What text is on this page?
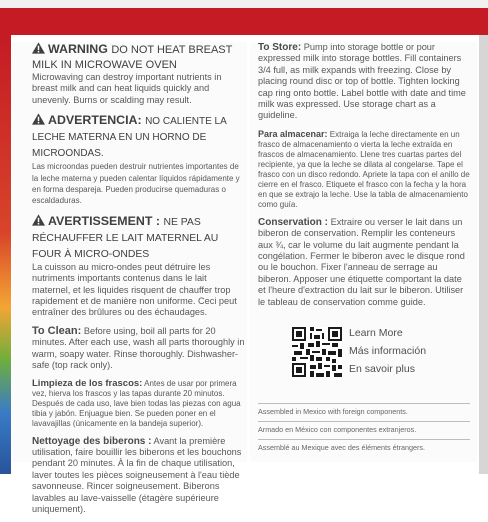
WARNING DO NOT HEAT BREAST MILK IN MICROWAVE OVEN
Microwaving can destroy important nutrients in breast milk and can heat liquids quickly and unevenly. Burns or scalding may result.
ADVERTENCIA: NO CALIENTE LA LECHE MATERNA EN UN HORNO DE MICROONDAS.
Las microondas pueden destruir nutrientes importantes de la leche materna y pueden calentar líquidos rápidamente y en forma despareja. Pueden producirse quemaduras o escaldaduras.
AVERTISSEMENT : NE PAS RÉCHAUFFER LE LAIT MATERNEL AU FOUR À MICRO-ONDES
La cuisson au micro-ondes peut détruire les nutriments importants contenus dans le lait maternel, et les liquides risquent de chauffer trop rapidement et de manière non uniforme. Ceci peut entraîner des brûlures ou des échaudages.
To Clean: Before using, boil all parts for 20 minutes. After each use, wash all parts thoroughly in warm, soapy water. Rinse thoroughly. Dishwasher-safe (top rack only).
Limpieza de los frascos: Antes de usar por primera vez, hierva los frascos y las tapas durante 20 minutos. Después de cada uso, lave bien todas las piezas con agua tibia y jabón. Enjuague bien. Se pueden poner en el lavavajillas (únicamente en la bandeja superior).
Nettoyage des biberons : Avant la première utilisation, faire bouillir les biberons et les bouchons pendant 20 minutes. À la fin de chaque utilisation, laver toutes les pièces soigneusement à l'eau tiède savonneuse. Rincer soigneusement. Biberons lavables au lave-vaisselle (étagère supérieure uniquement).
To Store: Pump into storage bottle or pour expressed milk into storage bottles. Fill containers 3/4 full, as milk expands with freezing. Close by placing round disc or top of bottle. Tighten locking cap ring onto bottle. Label bottle with date and time milk was expressed. Use storage chart as a guideline.
Para almacenar: Extraiga la leche directamente en un frasco de almacenamiento o vierta la leche extraída en frascos de almacenamiento. Llene tres cuartas partes del recipiente, ya que la leche se dilata al congelarse. Tape el frasco con un disco redondo. Apriete la tapa con el anillo de cierre en el frasco. Etiquete el frasco con la fecha y la hora en que se extrajo la leche. Use la tabla de almacenamiento como guía.
Conservation : Extraire ou verser le lait dans un biberon de conservation. Remplir les conteneurs aux ¾, car le volume du lait augmente pendant la congélation. Fermer le biberon avec le disque rond ou le bouchon. Fixer l'anneau de serrage au biberon. Apposer une étiquette comportant la date et l'heure d'extraction du lait sur le biberon. Utiliser le tableau de conservation comme guide.
Learn More
Más información
En savoir plus
Assembled in Mexico with foreign components.
Armado en México con componentes extranjeros.
Assemblé au Mexique avec des éléments étrangers.
